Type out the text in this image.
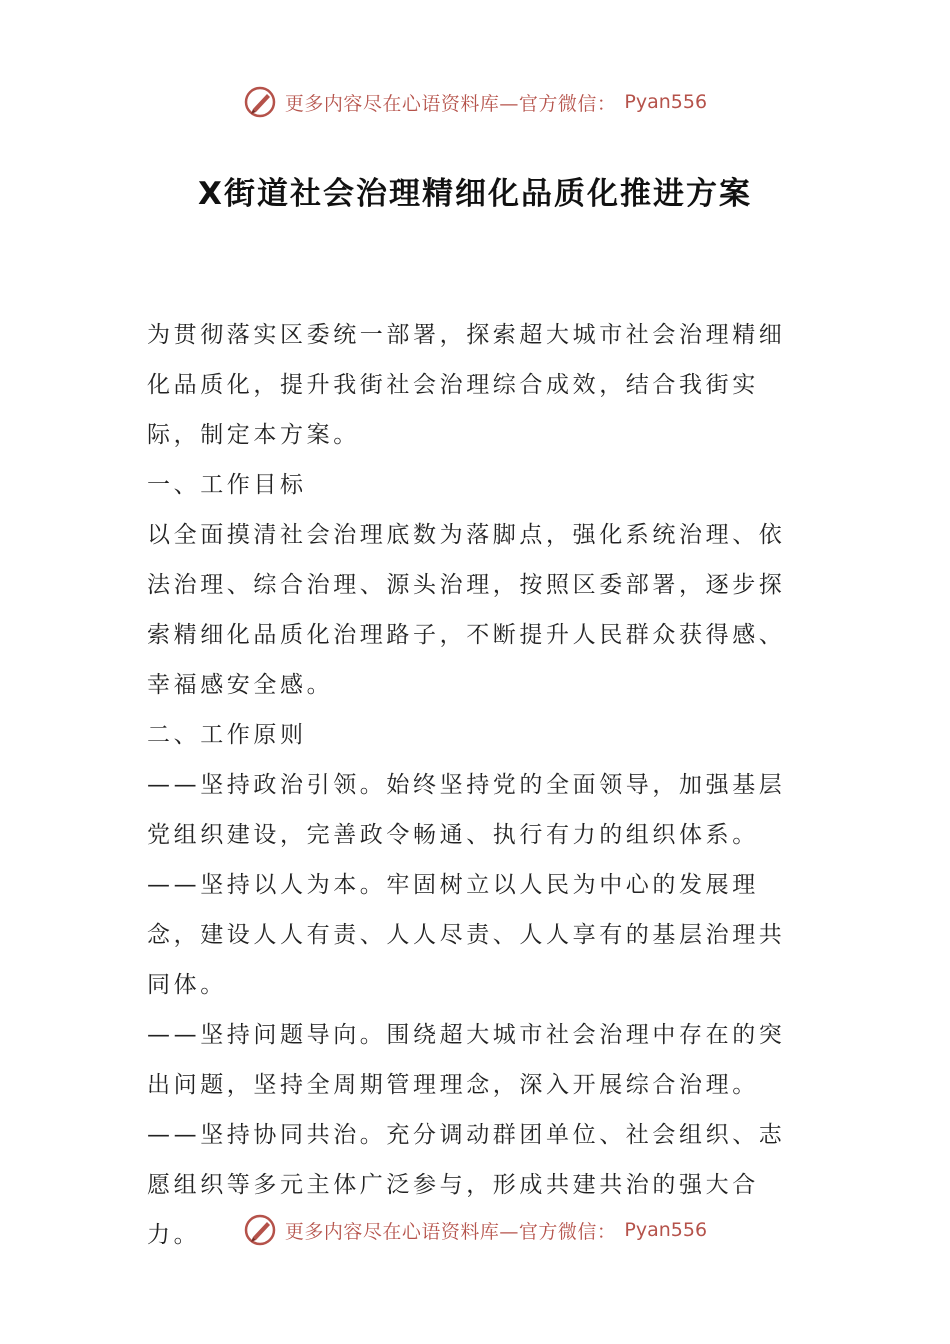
更多内容尽在心语资料库—官方微信： Pyan556
X街道社会治理精细化品质化推进方案

为贯彻落实区委统一部署，探索超大城市社会治理精细化品质化，提升我街社会治理综合成效，结合我街实际，制定本方案。

一、工作目标

以全面摸清社会治理底数为落脚点，强化系统治理、依法治理、综合治理、源头治理，按照区委部署，逐步探索精细化品质化治理路子，不断提升人民群众获得感、幸福感安全感。

二、工作原则

——坚持政治引领。始终坚持党的全面领导，加强基层党组织建设，完善政令畅通、执行有力的组织体系。

——坚持以人为本。牢固树立以人民为中心的发展理念，建设人人有责、人人尽责、人人享有的基层治理共同体。

——坚持问题导向。围绕超大城市社会治理中存在的突出问题，坚持全周期管理理念，深入开展综合治理。

——坚持协同共治。充分调动群团单位、社会组织、志愿组织等多元主体广泛参与，形成共建共治的强大合力。	更多内容尽在心语资料库—官方微信： Pyan556
